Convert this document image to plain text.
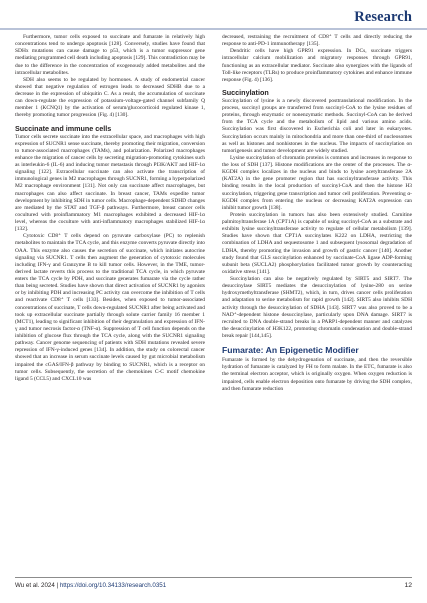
Research

Furthermore, tumor cells exposed to succinate and fumarate in relatively high concentrations tend to undergo apoptosis [128]. Conversely, studies have found that SDHx mutations can cause damage to p53, which is a tumor suppressor gene mediating programmed cell death including apoptosis [129]. This contradiction may be due to the difference in the concentration of exogenously added metabolites and the intracellular metabolites.

SDH also seems to be regulated by hormones. A study of endometrial cancer showed that negative regulation of estrogen leads to decreased SDHB due to a decrease in the expression of ubiquitin C. As a result, the accumulation of succinate can down-regulate the expression of potassium-voltage-gated channel subfamily Q member 1 (KCNQ1) by the activation of serum/glucocorticoid regulated kinase 1, thereby promoting tumor progression (Fig. 4) [130].

Succinate and immune cells

Tumor cells secrete succinate into the extracellular space, and macrophages with high expression of SUCNR1 sense succinate, thereby promoting their migration, conversion to tumor-associated macrophages (TAMs), and polarization. Polarized macrophages enhance the migration of cancer cells by secreting migration-promoting cytokines such as interleukin-6 (IL-6) and inducing tumor metastasis through PI3K/AKT and HIF-1α signaling [122]. Extracellular succinate can also activate the transcription of immunological genes in M2 macrophages through SUCNR1, forming a hyperpolarized M2 macrophage environment [131]. Not only can succinate affect macrophages, but macrophages can also affect succinate. In breast cancer, TAMs expedite tumor development by inhibiting SDH in tumor cells. Macrophage-dependent SDHD changes are mediated by the STAT and TGF-β pathways. Furthermore, breast cancer cells cocultured with proinflammatory M1 macrophages exhibited a decreased HIF-1α level, whereas the coculture with anti-inflammatory macrophages stabilized HIF-1α [132].

Cytotoxic CD8⁺ T cells depend on pyruvate carboxylase (PC) to replenish metabolites to maintain the TCA cycle, and this enzyme converts pyruvate directly into OAA. This enzyme also causes the secretion of succinate, which initiates autocrine signaling via SUCNR1. T cells then augment the generation of cytotoxic molecules including IFN-γ and Granzyme B to kill tumor cells. However, in the TME, tumor-derived lactate reverts this process to the traditional TCA cycle, in which pyruvate enters the TCA cycle by PDH, and succinate generates fumarate via the cycle rather than being secreted. Studies have shown that direct activation of SUCNR1 by agonists or by inhibiting PDH and increasing PC activity can overcome the inhibition of T cells and reactivate CD8⁺ T cells [133]. Besides, when exposed to tumor-associated concentrations of succinate, T cells down-regulated SUCNR1 after being activated and took up extracellular succinate partially through solute carrier family 16 member 1 (MCT1), leading to significant inhibition of their degranulation and expression of IFN-γ and tumor necrosis factor-α (TNF-α). Suppression of T cell function depends on the inhibition of glucose flux through the TCA cycle, along with the SUCNR1 signaling pathway. Cancer genome sequencing of patients with SDH mutations revealed severe repression of IFN-γ-induced genes [134]. In addition, the study on colorectal cancer showed that an increase in serum succinate levels caused by gut microbial metabolism impaired the cGAS/IFN-β pathway by binding to SUCNR1, which is a receptor on tumor cells. Subsequently, the secretion of the chemokines C-C motif chemokine ligand 5 (CCL5) and CXCL10 was

decreased, restraining the recruitment of CD8⁺ T cells and directly reducing the response to anti-PD-1 immunotherapy [135].

Dendritic cells have high GPR91 expression. In DCs, succinate triggers intracellular calcium mobilization and migratory responses through GPR91, functioning as an extracellular mediator. Succinate also synergizes with the ligands of Toll-like receptors (TLRs) to produce proinflammatory cytokines and enhance immune response (Fig. 4) [136].

Succinylation

Succinylation of lysine is a newly discovered posttranslational modification. In the process, succinyl groups are transferred from succinyl-CoA to the lysine residues of proteins, through enzymatic or nonenzymatic methods. Succinyl-CoA can be derived from the TCA cycle and the metabolism of lipid and various amino acids. Succinylation was first discovered in Escherichia coli and later in eukaryotes. Succinylation occurs mainly in mitochondria and more than one-third of nucleosomes as well as histones and nonhistones in the nucleus. The impacts of succinylation on tumorigenesis and tumor development are widely studied.

Lysine succinylation of chromatin proteins is common and increases in response to the loss of SDH [137]. Histone modifications are the center of the processes. The α-KGDH complex localizes in the nucleus and binds to lysine acetyltransferase 2A (KAT2A) in the gene promoter region that has succinyltransferase activity. This binding results in the local production of succinyl-CoA and then the histone H3 succinylation, triggering gene transcription and tumor cell proliferation. Preventing α-KGDH complex from entering the nucleus or decreasing KAT2A expression can inhibit tumor growth [138].

Protein succinylation in tumors has also been extensively studied. Carnitine palmitoyltransferase 1A (CPT1A) is capable of using succinyl-CoA as a substrate and exhibits lysine succinyltransferase activity to regulate of cellular metabolism [139]. Studies have shown that CPT1A succinylates K222 on LDHA, restricting the combination of LDHA and sequestosome 1 and subsequent lysosomal degradation of LDHA, thereby promoting the invasion and growth of gastric cancer [140]. Another study found that GLS succinylation enhanced by succinate-CoA ligase ADP-forming subunit beta (SUCLA2) phosphorylation facilitated tumor growth by counteracting oxidative stress [141].

Succinylation can also be negatively regulated by SIRT5 and SIRT7. The desuccinylase SIRT5 mediates the desuccinylation of lysine-280 on serine hydroxymethyltransferase (SHMT2), which, in turn, drives cancer cells proliferation and adaptation to serine metabolism for rapid growth [142]. SIRT5 also inhibits SDH activity through the desuccinylation of SDHA [143]. SIRT7 was also proved to be a NAD⁺-dependent histone desuccinylase, particularly upon DNA damage. SIRT7 is recruited to DNA double-strand breaks in a PARP1-dependent manner and catalyzes the desuccinylation of H3K122, promoting chromatin condensation and double-strand break repair [144,145].

Fumarate: An Epigenetic Modifier

Fumarate is formed by the dehydrogenation of succinate, and then the reversible hydration of fumarate is catalyzed by FH to form malate. In the ETC, fumarate is also the terminal electron acceptor, which is originally oxygen. When oxygen reduction is impaired, cells enable electron deposition onto fumarate by driving the SDH complex, and then fumarate reduction

Wu et al. 2024 | https://doi.org/10.34133/research.0351	12
